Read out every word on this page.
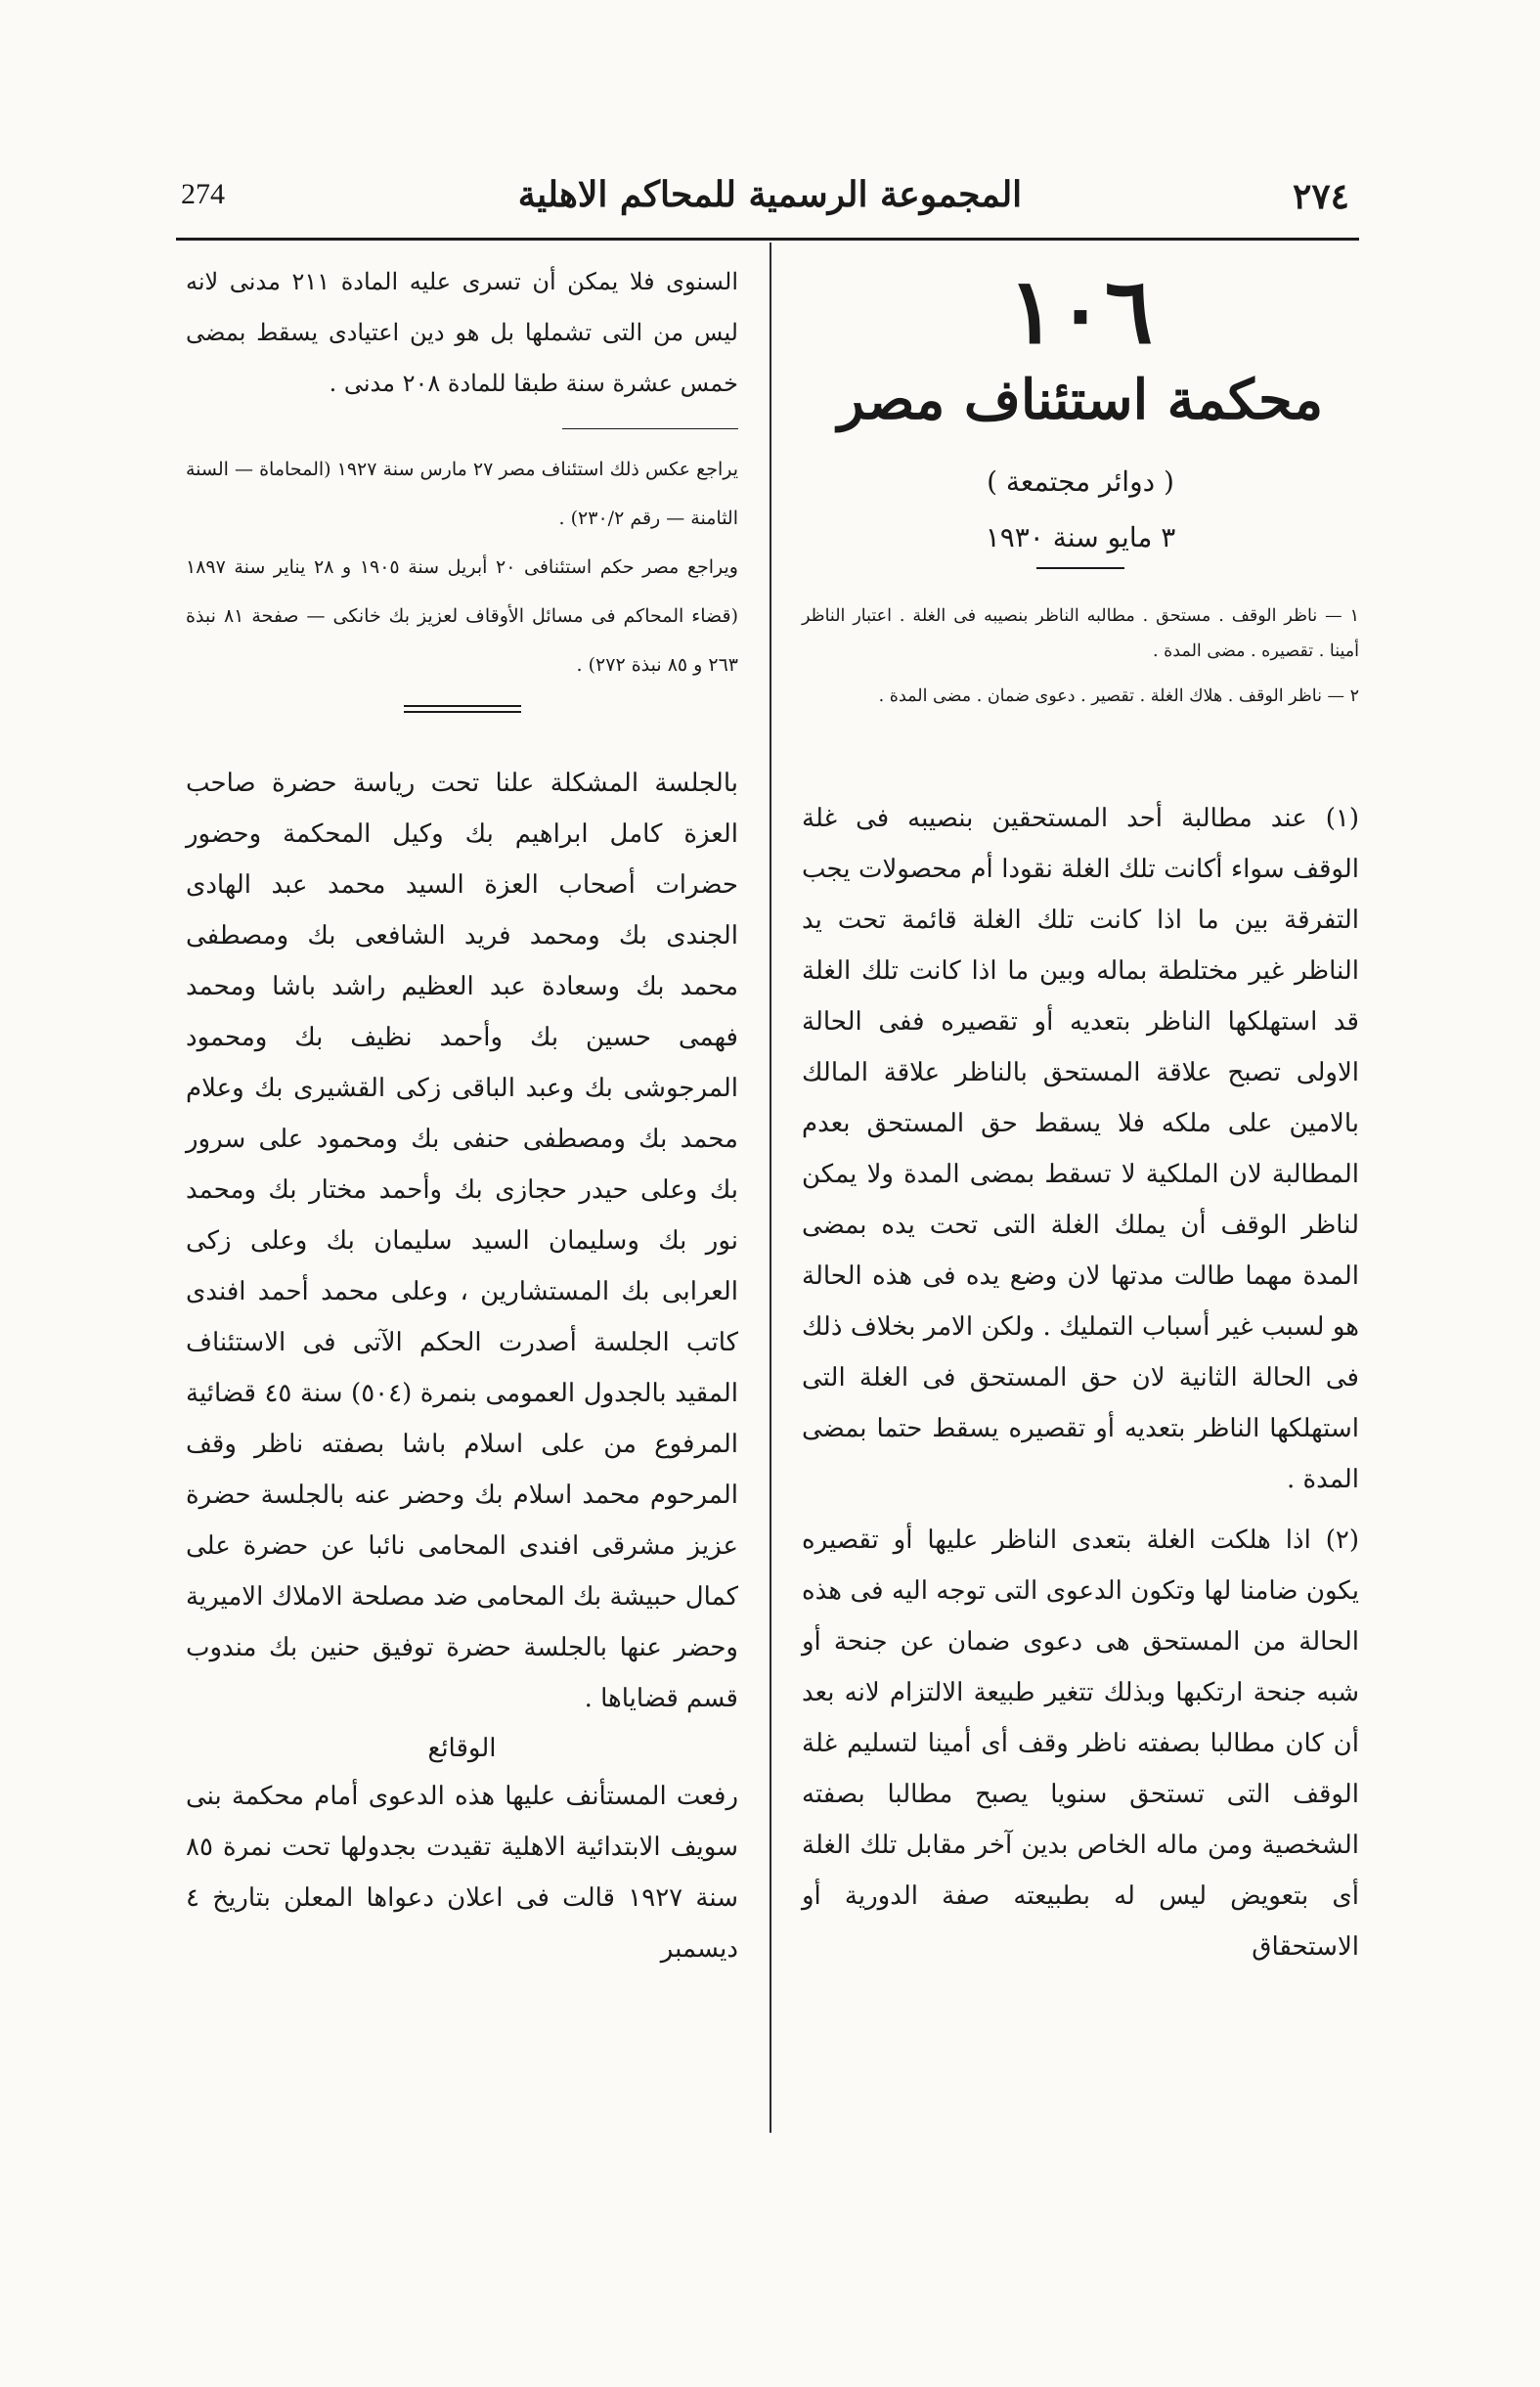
274	المجموعة الرسمية للمحاكم الاهلية	٢٧٤
١٠٦
محكمة استئناف مصر
( دوائر مجتمعة )
٣ مايو سنة ١٩٣٠

١ — ناظر الوقف . مستحق . مطالبه الناظر بنصيبه فى الغلة . اعتبار الناظر أمينا . تقصيره . مضى المدة .

٢ — ناظر الوقف . هلاك الغلة . تقصير . دعوى ضمان . مضى المدة .

(١) عند مطالبة أحد المستحقين بنصيبه فى غلة الوقف سواء أكانت تلك الغلة نقودا أم محصولات يجب التفرقة بين ما اذا كانت تلك الغلة قائمة تحت يد الناظر غير مختلطة بماله وبين ما اذا كانت تلك الغلة قد استهلكها الناظر بتعديه أو تقصيره ففى الحالة الاولى تصبح علاقة المستحق بالناظر علاقة المالك بالامين على ملكه فلا يسقط حق المستحق بعدم المطالبة لان الملكية لا تسقط بمضى المدة ولا يمكن لناظر الوقف أن يملك الغلة التى تحت يده بمضى المدة مهما طالت مدتها لان وضع يده فى هذه الحالة هو لسبب غير أسباب التمليك . ولكن الامر بخلاف ذلك فى الحالة الثانية لان حق المستحق فى الغلة التى استهلكها الناظر بتعديه أو تقصيره يسقط حتما بمضى المدة .

(٢) اذا هلكت الغلة بتعدى الناظر عليها أو تقصيره يكون ضامنا لها وتكون الدعوى التى توجه اليه فى هذه الحالة من المستحق هى دعوى ضمان عن جنحة أو شبه جنحة ارتكبها وبذلك تتغير طبيعة الالتزام لانه بعد أن كان مطالبا بصفته ناظر وقف أى أمينا لتسليم غلة الوقف التى تستحق سنويا يصبح مطالبا بصفته الشخصية ومن ماله الخاص بدين آخر مقابل تلك الغلة أى بتعويض ليس له بطبيعته صفة الدورية أو الاستحقاق

السنوى فلا يمكن أن تسرى عليه المادة ٢١١ مدنى لانه ليس من التى تشملها بل هو دين اعتيادى يسقط بمضى خمس عشرة سنة طبقا للمادة ٢٠٨ مدنى .

يراجع عكس ذلك استئناف مصر ٢٧ مارس سنة ١٩٢٧ (المحاماة — السنة الثامنة — رقم ٢٣٠/٢) .

ويراجع مصر حكم استئنافى ٢٠ أبريل سنة ١٩٠٥ و ٢٨ يناير سنة ١٨٩٧ (قضاء المحاكم فى مسائل الأوقاف لعزيز بك خانكى — صفحة ٨١ نبذة ٢٦٣ و ٨٥ نبذة ٢٧٢) .

بالجلسة المشكلة علنا تحت رياسة حضرة صاحب العزة كامل ابراهيم بك وكيل المحكمة وحضور حضرات أصحاب العزة السيد محمد عبد الهادى الجندى بك ومحمد فريد الشافعى بك ومصطفى محمد بك وسعادة عبد العظيم راشد باشا ومحمد فهمى حسين بك وأحمد نظيف بك ومحمود المرجوشى بك وعبد الباقى زكى القشيرى بك وعلام محمد بك ومصطفى حنفى بك ومحمود على سرور بك وعلى حيدر حجازى بك وأحمد مختار بك ومحمد نور بك وسليمان السيد سليمان بك وعلى زكى العرابى بك المستشارين ، وعلى محمد أحمد افندى كاتب الجلسة أصدرت الحكم الآتى فى الاستئناف المقيد بالجدول العمومى بنمرة (٥٠٤) سنة ٤٥ قضائية المرفوع من على اسلام باشا بصفته ناظر وقف المرحوم محمد اسلام بك وحضر عنه بالجلسة حضرة عزيز مشرقى افندى المحامى نائبا عن حضرة على كمال حبيشة بك المحامى ضد مصلحة الاملاك الاميرية وحضر عنها بالجلسة حضرة توفيق حنين بك مندوب قسم قضاياها .

الوقائع

رفعت المستأنف عليها هذه الدعوى أمام محكمة بنى سويف الابتدائية الاهلية تقيدت بجدولها تحت نمرة ٨٥ سنة ١٩٢٧ قالت فى اعلان دعواها المعلن بتاريخ ٤ ديسمبر
